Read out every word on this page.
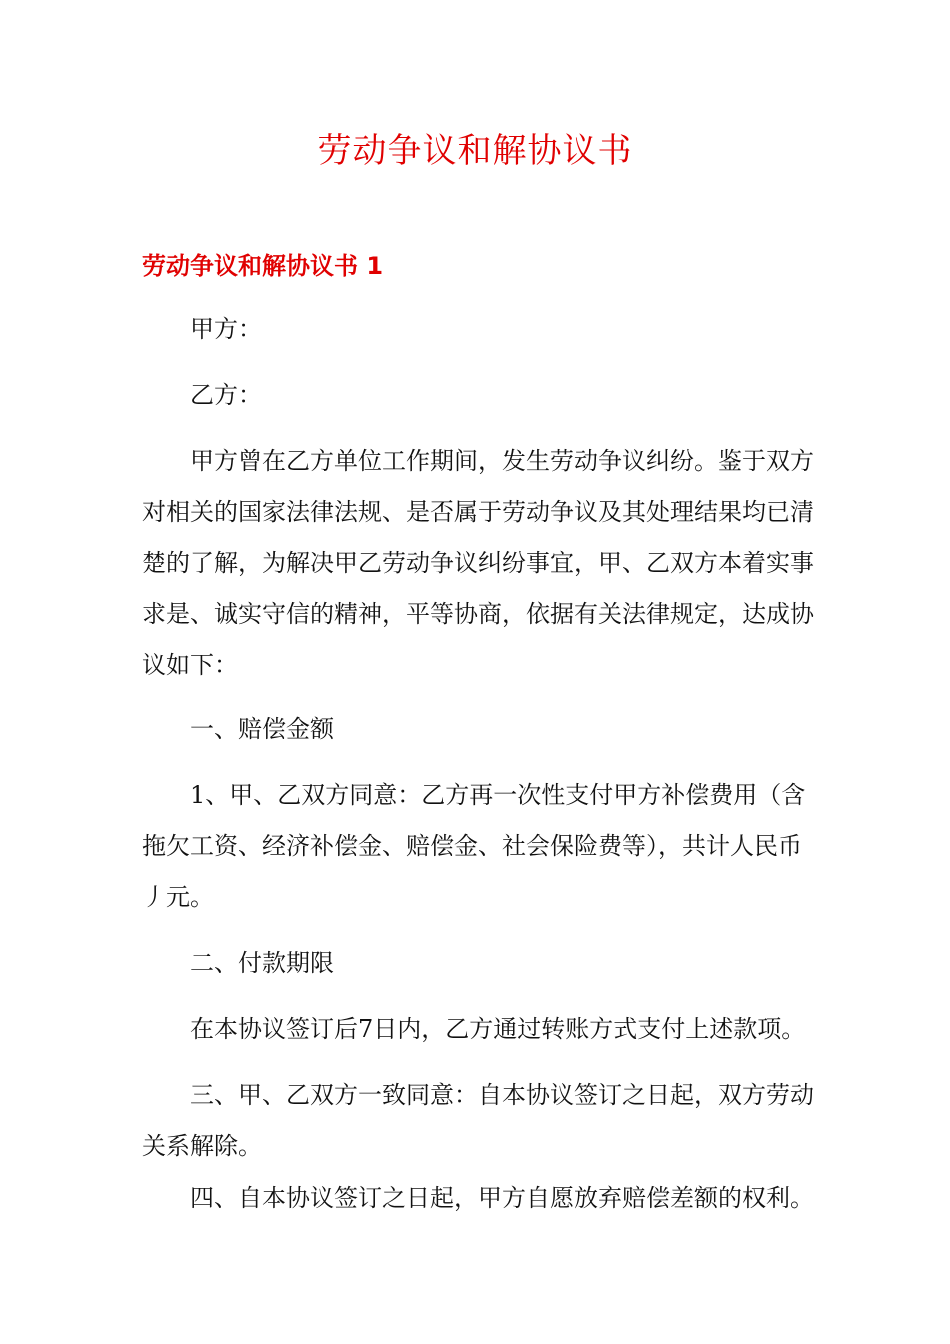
劳动争议和解协议书
劳动争议和解协议书 1

甲方：

乙方：

甲方曾在乙方单位工作期间，发生劳动争议纠纷。鉴于双方
对相关的国家法律法规、是否属于劳动争议及其处理结果均已清
楚的了解，为解决甲乙劳动争议纠纷事宜，甲、乙双方本着实事
求是、诚实守信的精神，平等协商，依据有关法律规定，达成协
议如下：

一、赔偿金额

1、甲、乙双方同意：乙方再一次性支付甲方补偿费用（含
拖欠工资、经济补偿金、赔偿金、社会保险费等），共计人民币
丿元。

二、付款期限

在本协议签订后7日内，乙方通过转账方式支付上述款项。

三、甲、乙双方一致同意：自本协议签订之日起，双方劳动
关系解除。

四、自本协议签订之日起，甲方自愿放弃赔偿差额的权利。
